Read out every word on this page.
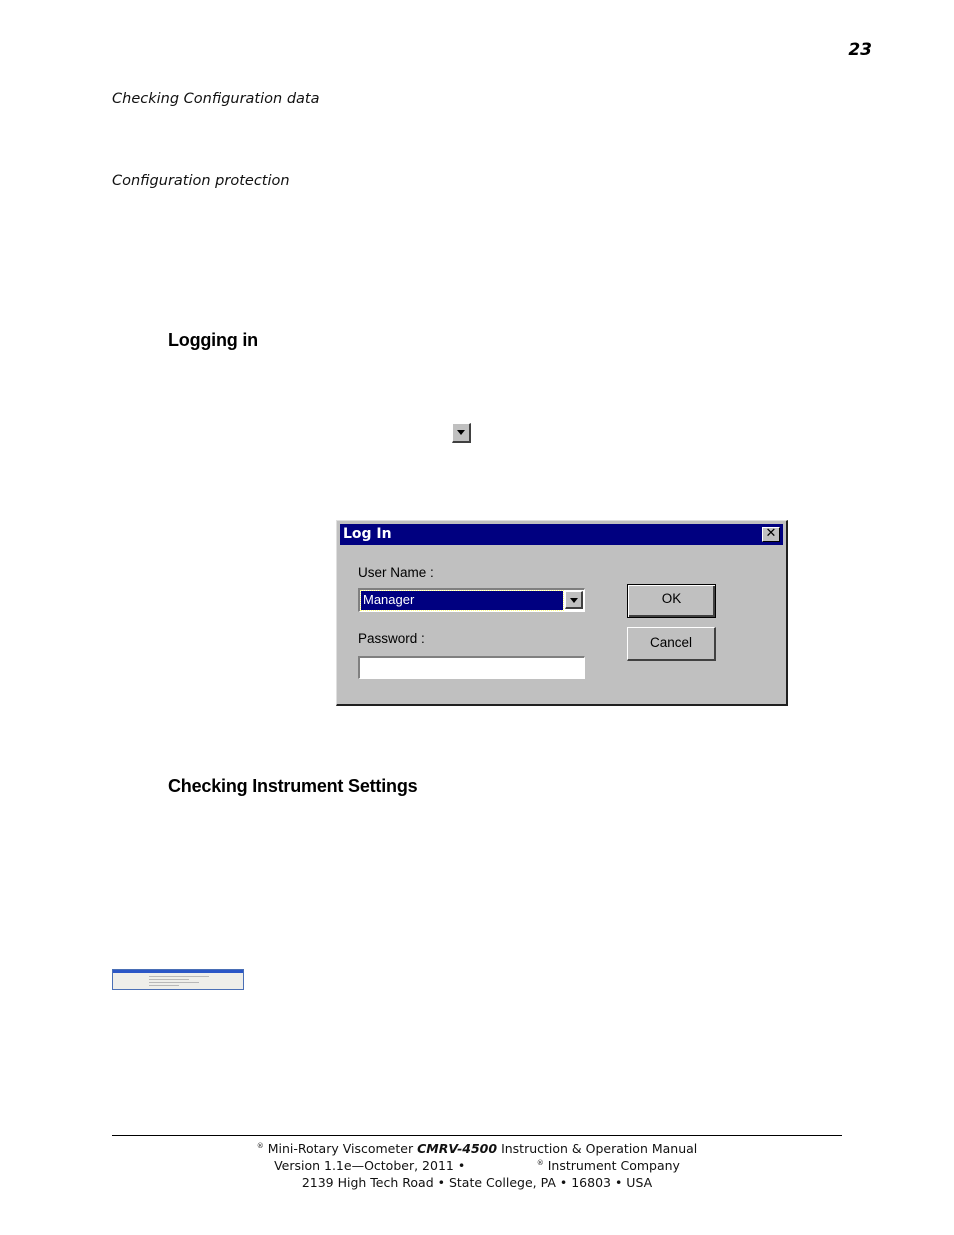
23
Checking Configuration data
Configuration protection
Logging in
Log In	✕
User Name :
Manager
Password :
OK
Cancel
Checking Instrument Settings
® Mini-Rotary Viscometer CMRV-4500 Instruction & Operation Manual
Version 1.1e—October, 2011 •	® Instrument Company
2139 High Tech Road • State College, PA • 16803 • USA
